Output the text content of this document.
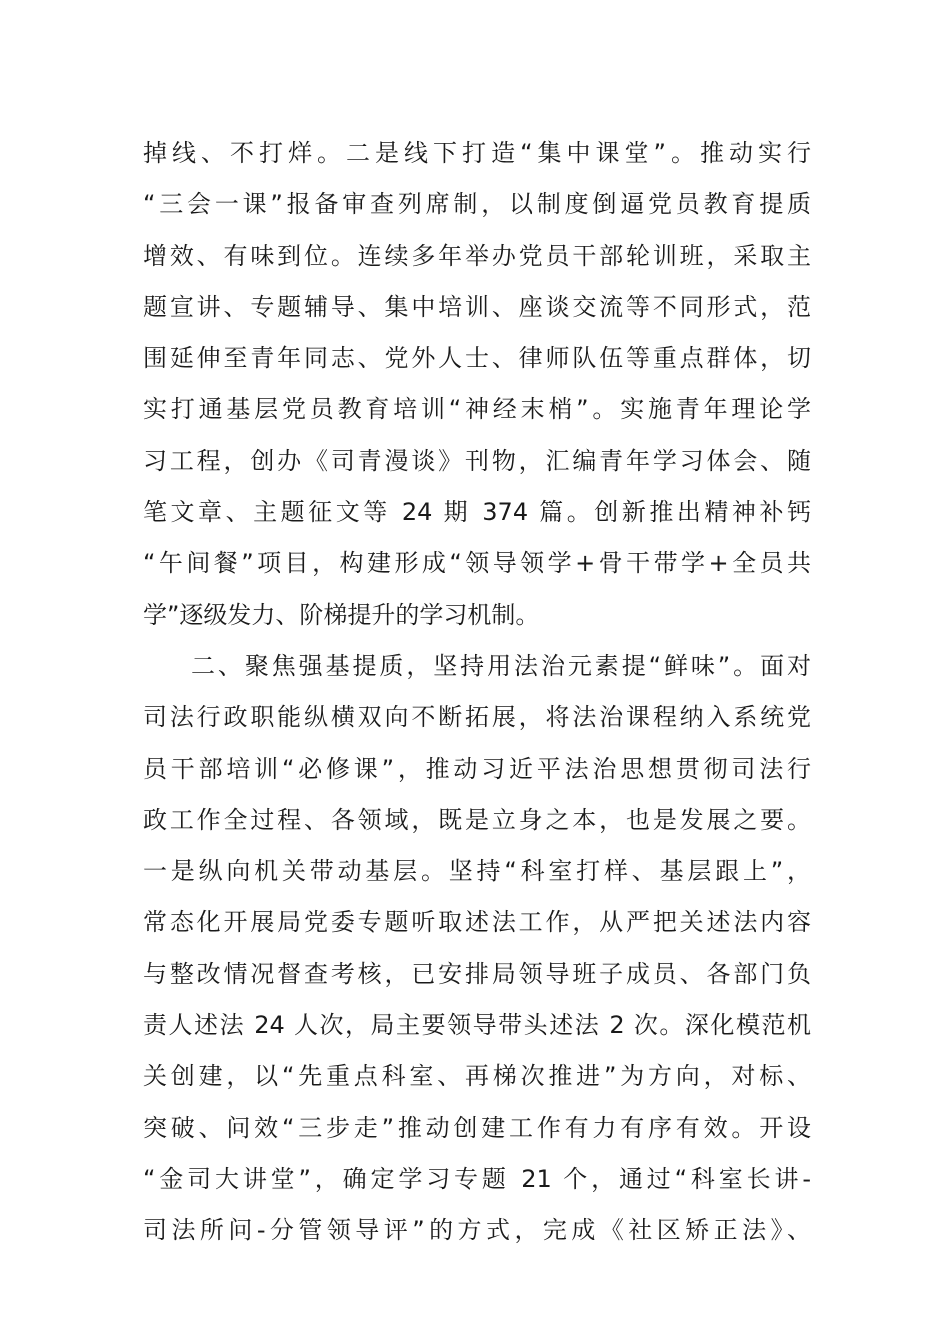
掉线、不打烊。二是线下打造“集中课堂”。推动实行
“三会一课”报备审查列席制，以制度倒逼党员教育提质
增效、有味到位。连续多年举办党员干部轮训班，采取主
题宣讲、专题辅导、集中培训、座谈交流等不同形式，范
围延伸至青年同志、党外人士、律师队伍等重点群体，切
实打通基层党员教育培训“神经末梢”。实施青年理论学
习工程，创办《司青漫谈》刊物，汇编青年学习体会、随
笔文章、主题征文等 24 期 374 篇。创新推出精神补钙
“午间餐”项目，构建形成“领导领学+骨干带学+全员共
学”逐级发力、阶梯提升的学习机制。
二、聚焦强基提质，坚持用法治元素提“鲜味”。面对
司法行政职能纵横双向不断拓展，将法治课程纳入系统党
员干部培训“必修课”，推动习近平法治思想贯彻司法行
政工作全过程、各领域，既是立身之本，也是发展之要。
一是纵向机关带动基层。坚持“科室打样、基层跟上”，
常态化开展局党委专题听取述法工作，从严把关述法内容
与整改情况督查考核，已安排局领导班子成员、各部门负
责人述法 24 人次，局主要领导带头述法 2 次。深化模范机
关创建，以“先重点科室、再梯次推进”为方向，对标、
突破、问效“三步走”推动创建工作有力有序有效。开设
“金司大讲堂”，确定学习专题 21 个，通过“科室长讲-
司法所问-分管领导评”的方式，完成《社区矫正法》、
